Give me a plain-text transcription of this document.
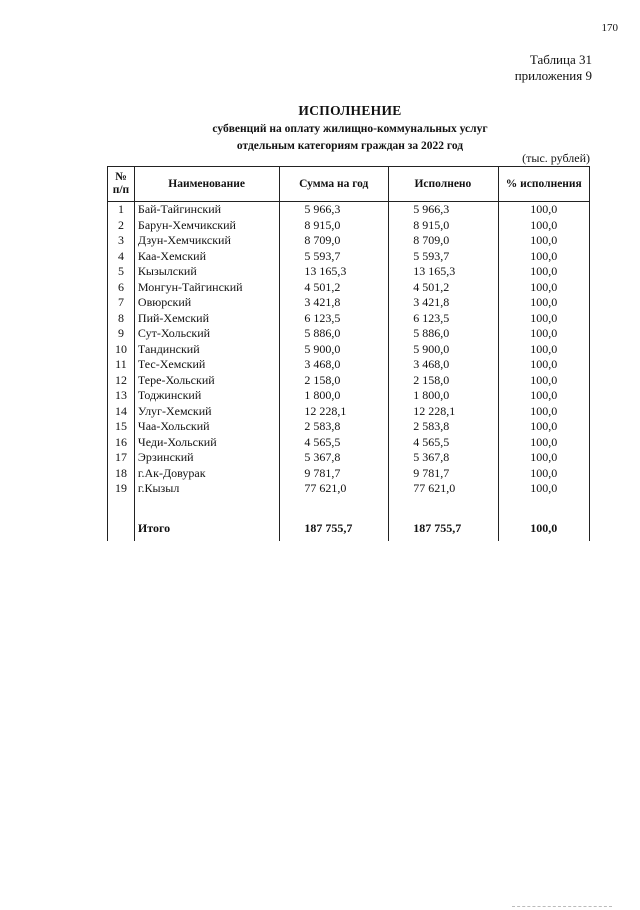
170
Таблица 31
приложения 9
ИСПОЛНЕНИЕ
субвенций на оплату жилищно-коммунальных услуг
отдельным категориям граждан за 2022 год
(тыс. рублей)
№
п/п	Наименование	Сумма на год	Исполнено	% исполнения
1	Бай-Тайгинский	5 966,3	5 966,3	100,0
2	Барун-Хемчикский	8 915,0	8 915,0	100,0
3	Дзун-Хемчикский	8 709,0	8 709,0	100,0
4	Каа-Хемский	5 593,7	5 593,7	100,0
5	Кызылский	13 165,3	13 165,3	100,0
6	Монгун-Тайгинский	4 501,2	4 501,2	100,0
7	Овюрский	3 421,8	3 421,8	100,0
8	Пий-Хемский	6 123,5	6 123,5	100,0
9	Сут-Хольский	5 886,0	5 886,0	100,0
10	Тандинский	5 900,0	5 900,0	100,0
11	Тес-Хемский	3 468,0	3 468,0	100,0
12	Тере-Хольский	2 158,0	2 158,0	100,0
13	Тоджинский	1 800,0	1 800,0	100,0
14	Улуг-Хемский	12 228,1	12 228,1	100,0
15	Чаа-Хольский	2 583,8	2 583,8	100,0
16	Чеди-Хольский	4 565,5	4 565,5	100,0
17	Эрзинский	5 367,8	5 367,8	100,0
18	г.Ак-Довурак	9 781,7	9 781,7	100,0
19	г.Кызыл	77 621,0	77 621,0	100,0

	Итого	187 755,7	187 755,7	100,0
